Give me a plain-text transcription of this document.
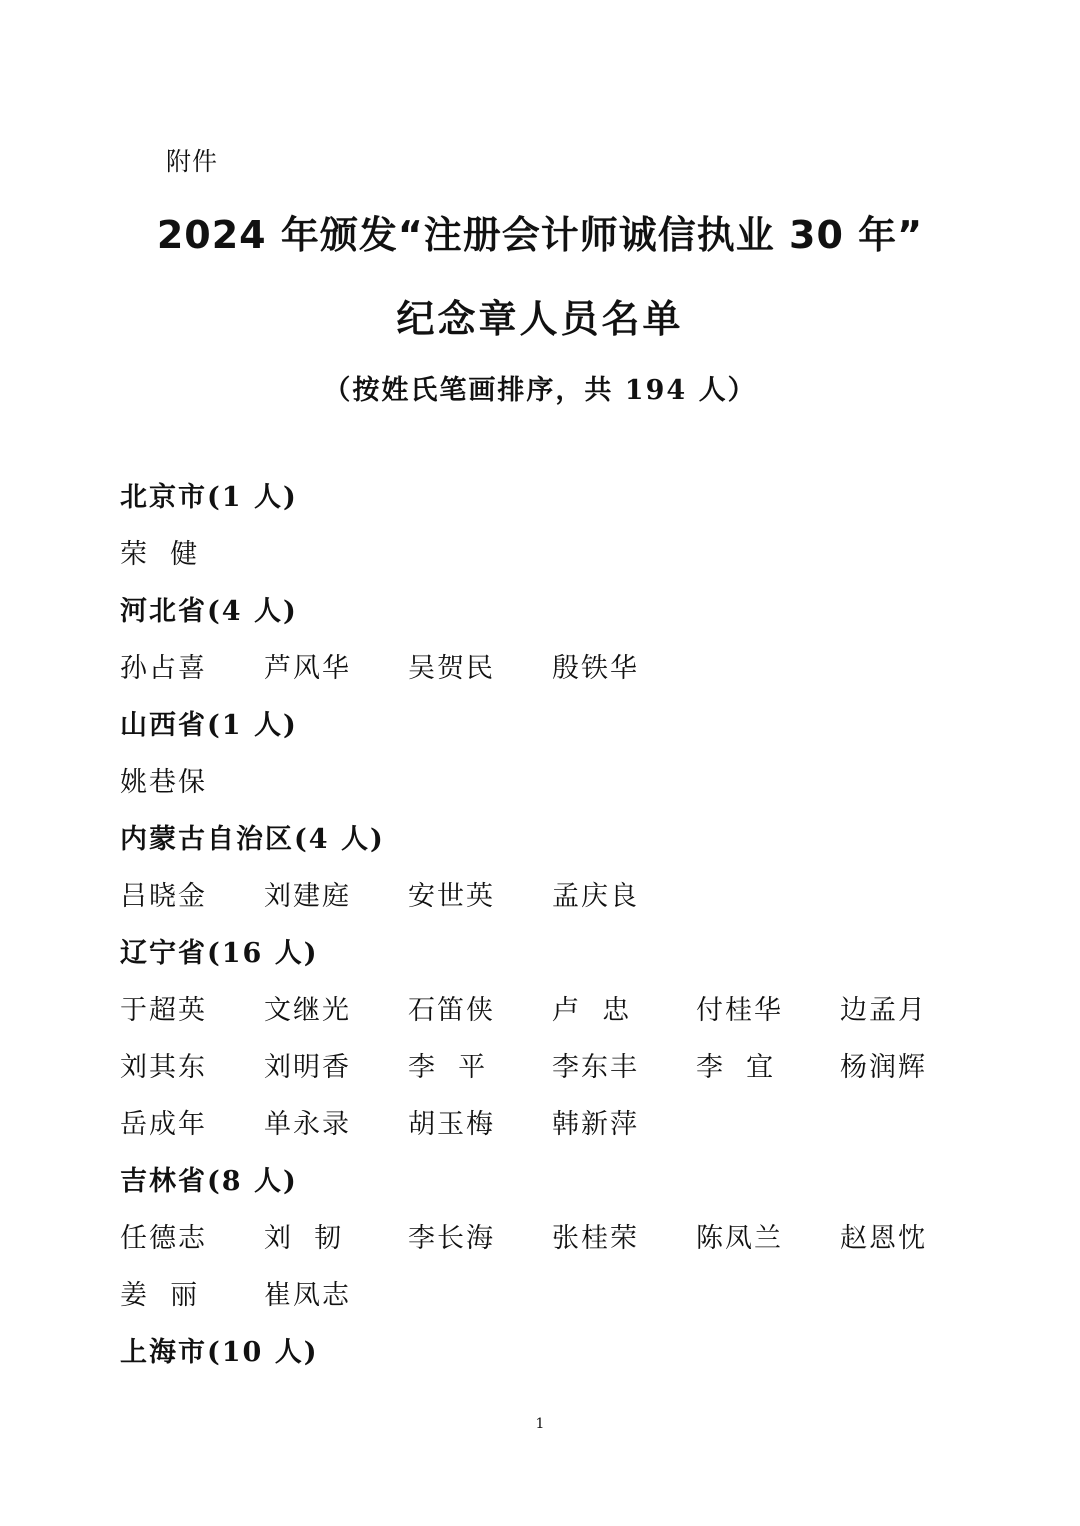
附件
2024 年颁发“注册会计师诚信执业 30 年”
纪念章人员名单
（按姓氏笔画排序，共 194 人）
北京市(1 人)
荣  健
河北省(4 人)
孙占喜	芦风华	吴贺民	殷铁华
山西省(1 人)
姚巷保
内蒙古自治区(4 人)
吕晓金	刘建庭	安世英	孟庆良
辽宁省(16 人)
于超英	文继光	石笛侠	卢  忠	付桂华	边孟月
刘其东	刘明香	李  平	李东丰	李  宜	杨润辉
岳成年	单永录	胡玉梅	韩新萍
吉林省(8 人)
任德志	刘  韧	李长海	张桂荣	陈凤兰	赵恩忱
姜  丽	崔凤志
上海市(10 人)
1
